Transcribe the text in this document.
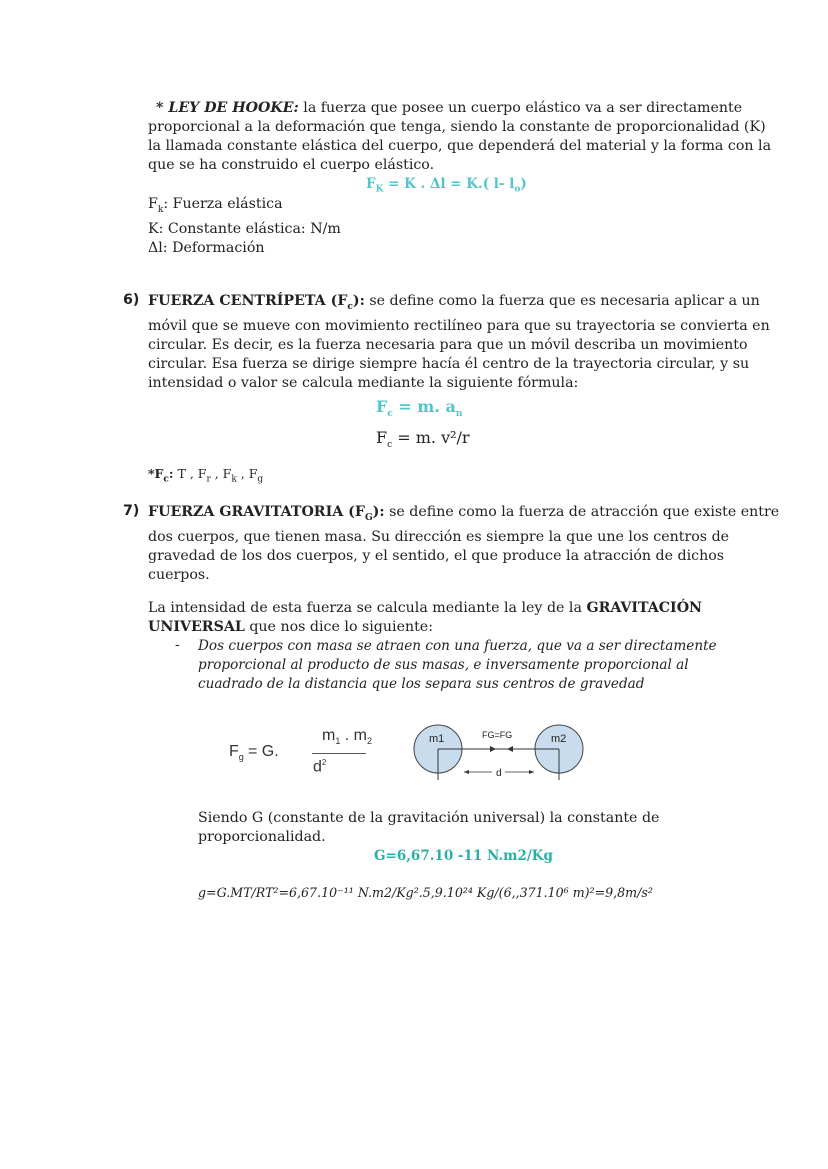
* LEY DE HOOKE: la fuerza que posee un cuerpo elástico va a ser directamente
proporcional a la deformación que tenga, siendo la constante de proporcionalidad (K)
la llamada constante elástica del cuerpo, que dependerá del material y la forma con la
que se ha construido el cuerpo elástico.
$F_K = K$ . Δl = K.( l- $l_o$)
$F_k$: Fuerza elástica
K: Constante elástica: N/m
Δl: Deformación
6) FUERZA CENTRÍPETA $(F_c)$: se define como la fuerza que es necesaria aplicar a un
móvil que se mueve con movimiento rectilíneo para que su trayectoria se convierta en
circular. Es decir, es la fuerza necesaria para que un móvil describa un movimiento
circular. Esa fuerza se dirige siempre hacía él centro de la trayectoria circular, y su
intensidad o valor se calcula mediante la siguiente fórmula:
$F_c = m$. $a_n$
$F_c = m$. v²/r
$*F_c$: T , $F_r$ , $F_k$ , $F_g$
7) FUERZA GRAVITATORIA $(F_G)$: se define como la fuerza de atracción que existe entre
dos cuerpos, que tienen masa. Su dirección es siempre la que une los centros de
gravedad de los dos cuerpos, y el sentido, el que produce la atracción de dichos
cuerpos.
La intensidad de esta fuerza se calcula mediante la ley de la GRAVITACIÓN
UNIVERSAL que nos dice lo siguiente:
- Dos cuerpos con masa se atraen con una fuerza, que va a ser directamente
proporcional al producto de sus masas, e inversamente proporcional al
cuadrado de la distancia que los separa sus centros de gravedad
$F_g = G$.
$m_1$ . $m_2$
$d^2$
m1	m2
FG=FG
d
Siendo G (constante de la gravitación universal) la constante de
proporcionalidad.
G=6,67.10 -11 N.m2/Kg
g=G.MT/RT²=6,67.10⁻¹¹ N.m2/Kg².5,9.10²⁴ Kg/(6,,371.10⁶ m)²=9,8m/s²
